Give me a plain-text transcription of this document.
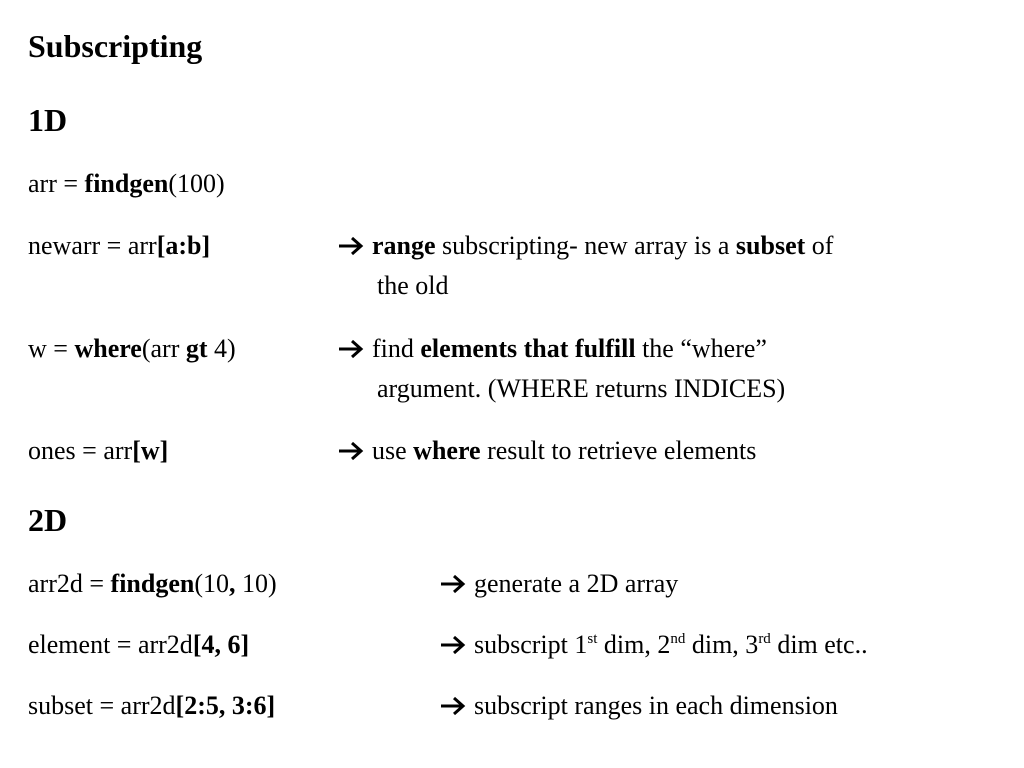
Subscripting
1D
arr = findgen(100)
newarr = arr[a:b]	range subscripting- new array is a subset of
the old
w = where(arr gt 4)	find elements that fulfill the “where”
argument. (WHERE returns INDICES)
ones = arr[w]	use where result to retrieve elements
2D
arr2d = findgen(10, 10)	generate a 2D array
element = arr2d[4, 6]	subscript 1st dim, 2nd dim, 3rd dim etc..
subset = arr2d[2:5, 3:6]	subscript ranges in each dimension
